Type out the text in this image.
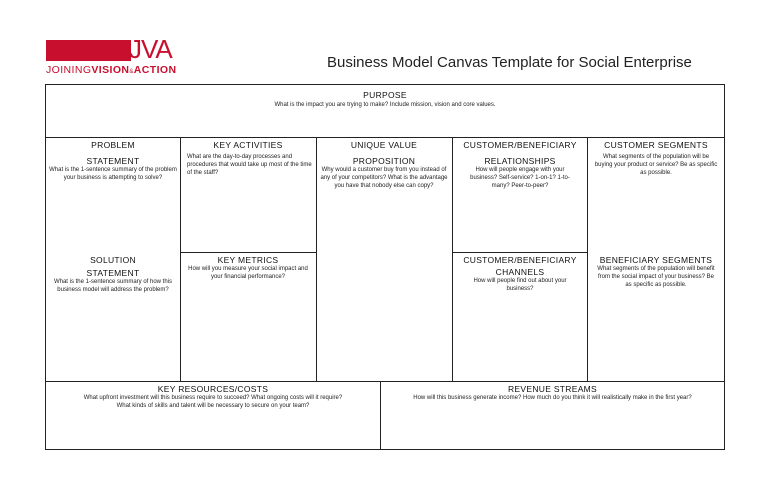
JVA
JOININGVISION&ACTION	Business Model Canvas Template for Social Enterprise
PURPOSE
What is the impact you are trying to make? Include mission, vision and core values.
PROBLEM
STATEMENT
What is the 1-sentence summary of the problem your business is attempting to solve?
SOLUTION
STATEMENT
What is the 1-sentence summary of how this business model will address the problem?
KEY ACTIVITIES
What are the day-to-day processes and procedures that would take up most of the time of the staff?
KEY METRICS
How will you measure your social impact and your financial performance?
UNIQUE VALUE
PROPOSITION
Why would a customer buy from you instead of any of your competitors? What is the advantage you have that nobody else can copy?
CUSTOMER/BENEFICIARY
RELATIONSHIPS
How will people engage with your business? Self-service? 1-on-1? 1-to-many? Peer-to-peer?
CUSTOMER/BENEFICIARY
CHANNELS
How will people find out about your business?
CUSTOMER SEGMENTS
What segments of the population will be buying your product or service? Be as specific as possible.
BENEFICIARY SEGMENTS
What segments of the population will benefit from the social impact of your business? Be as specific as possible.
KEY RESOURCES/COSTS
What upfront investment will this business require to succeed? What ongoing costs will it require?
What kinds of skills and talent will be necessary to secure on your team?
REVENUE STREAMS
How will this business generate income? How much do you think it will realistically make in the first year?
